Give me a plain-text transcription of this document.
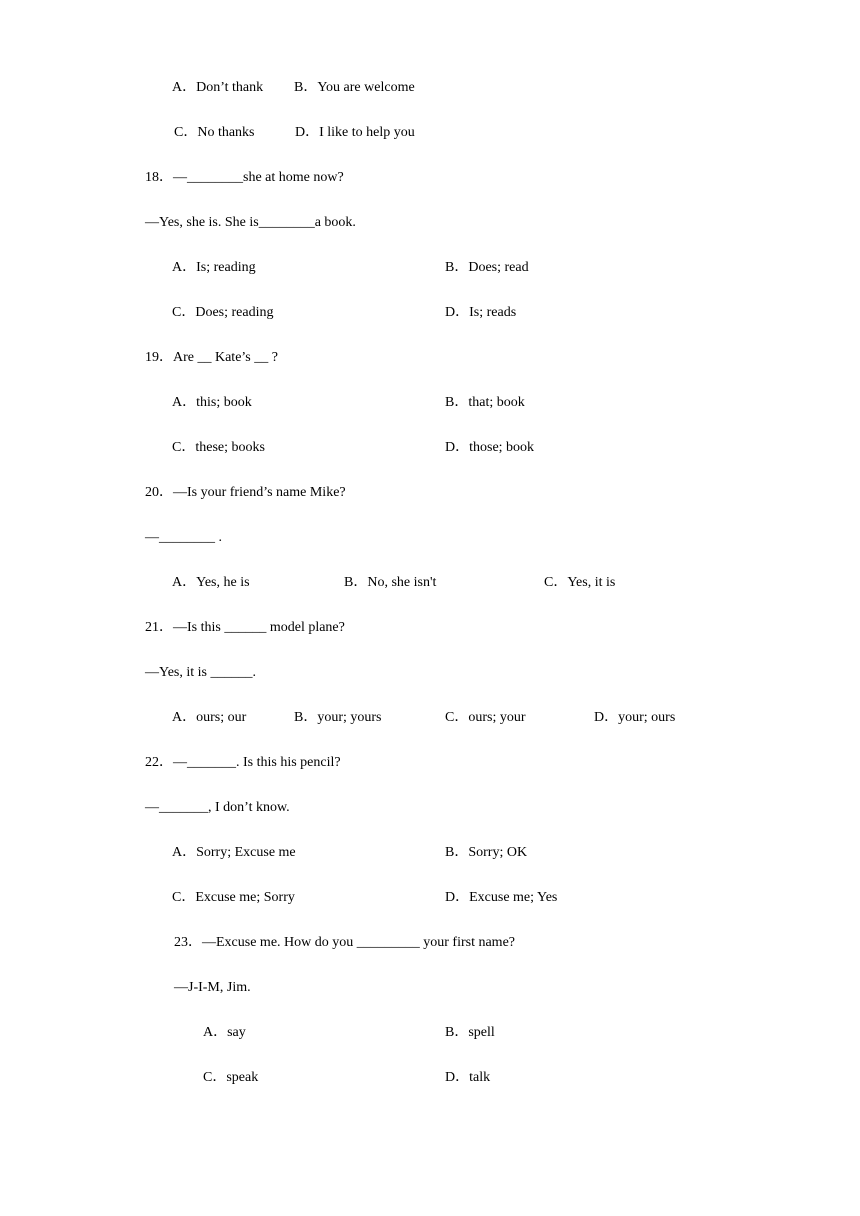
A．Don’t thank B．You are welcome
C．No thanks	D．I like to help you
18．—________she at home now?
—Yes, she is. She is________a book.
A．Is; reading	B．Does; read
C．Does; reading	D．Is; reads
19．Are __ Kate’s __ ?
A．this; book	B．that; book
C．these; books	D．those; book
20．—Is your friend’s name Mike?
—________ .
A．Yes, he is	B．No, she isn't	C．Yes, it is
21．—Is this ______ model plane?
—Yes, it is ______.
A．ours; our	B．your; yours	C．ours; your	D．your; ours
22．—_______. Is this his pencil?
—_______, I don’t know.
A．Sorry; Excuse me	B．Sorry; OK
C．Excuse me; Sorry	D．Excuse me; Yes
23．—Excuse me. How do you _________ your first name?
—J-I-M, Jim.
A．say	B．spell
C．speak	D．talk
